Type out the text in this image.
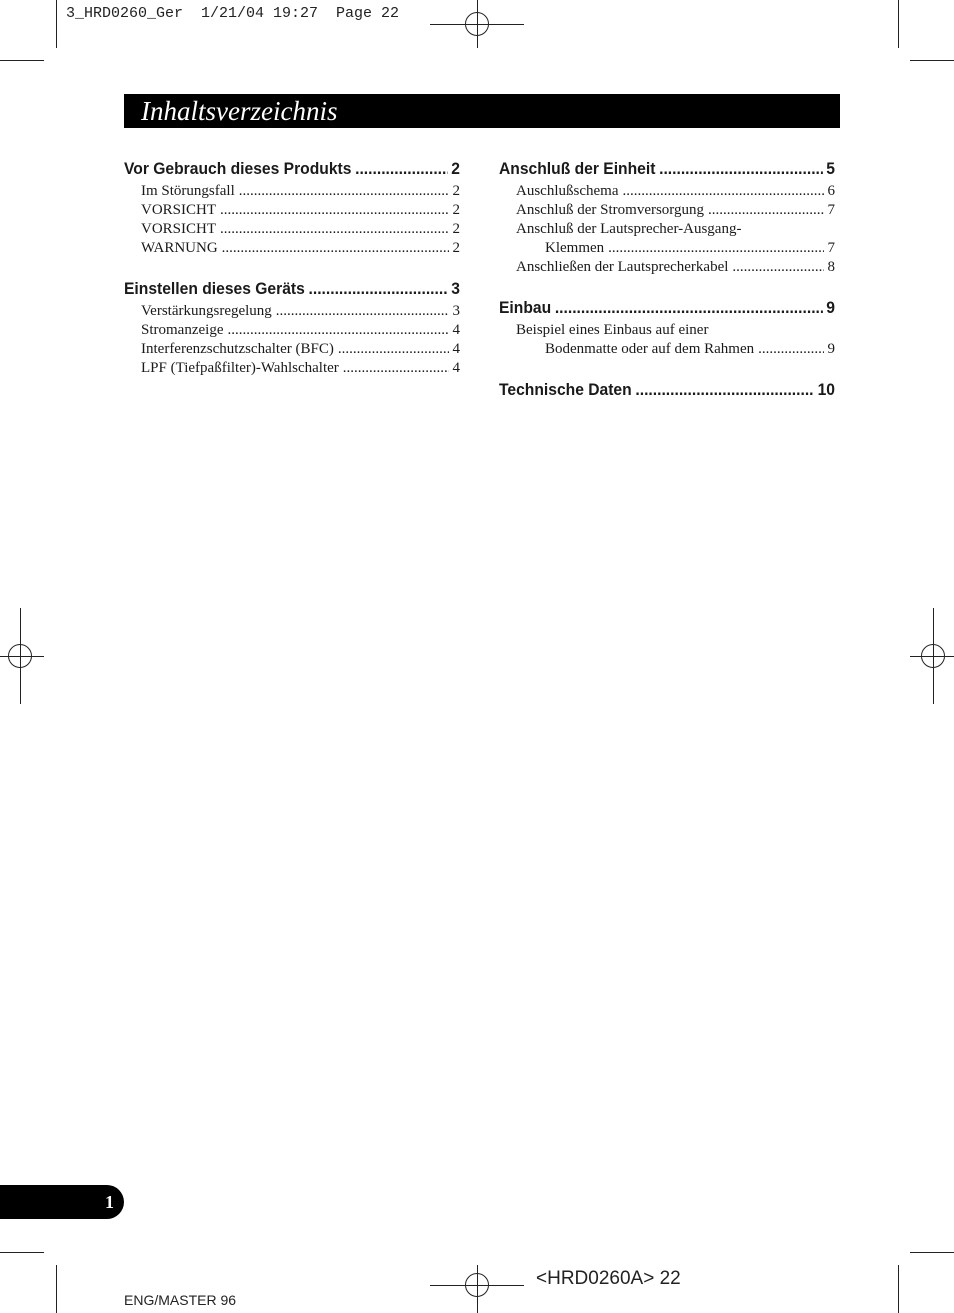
3_HRD0260_Ger  1/21/04 19:27  Page 22
Inhaltsverzeichnis
Vor Gebrauch dieses Produkts .....	2
Im Störungsfall .....	2
VORSICHT .....	2
VORSICHT .....	2
WARNUNG .....	2
Einstellen dieses Geräts .....	3
Verstärkungsregelung .....	3
Stromanzeige .....	4
Interferenzschutzschalter (BFC) .....	4
LPF (Tiefpaßfilter)-Wahlschalter .....	4
Anschluß der Einheit .....	5
Auschlußschema .....	6
Anschluß der Stromversorgung .....	7
Anschluß der Lautsprecher-Ausgang-
Klemmen .....	7
Anschließen der Lautsprecherkabel .....	8
Einbau .....	9
Beispiel eines Einbaus auf einer
Bodenmatte oder auf dem Rahmen .....	9
Technische Daten .....	10
1
ENG/MASTER 96
<HRD0260A> 22
